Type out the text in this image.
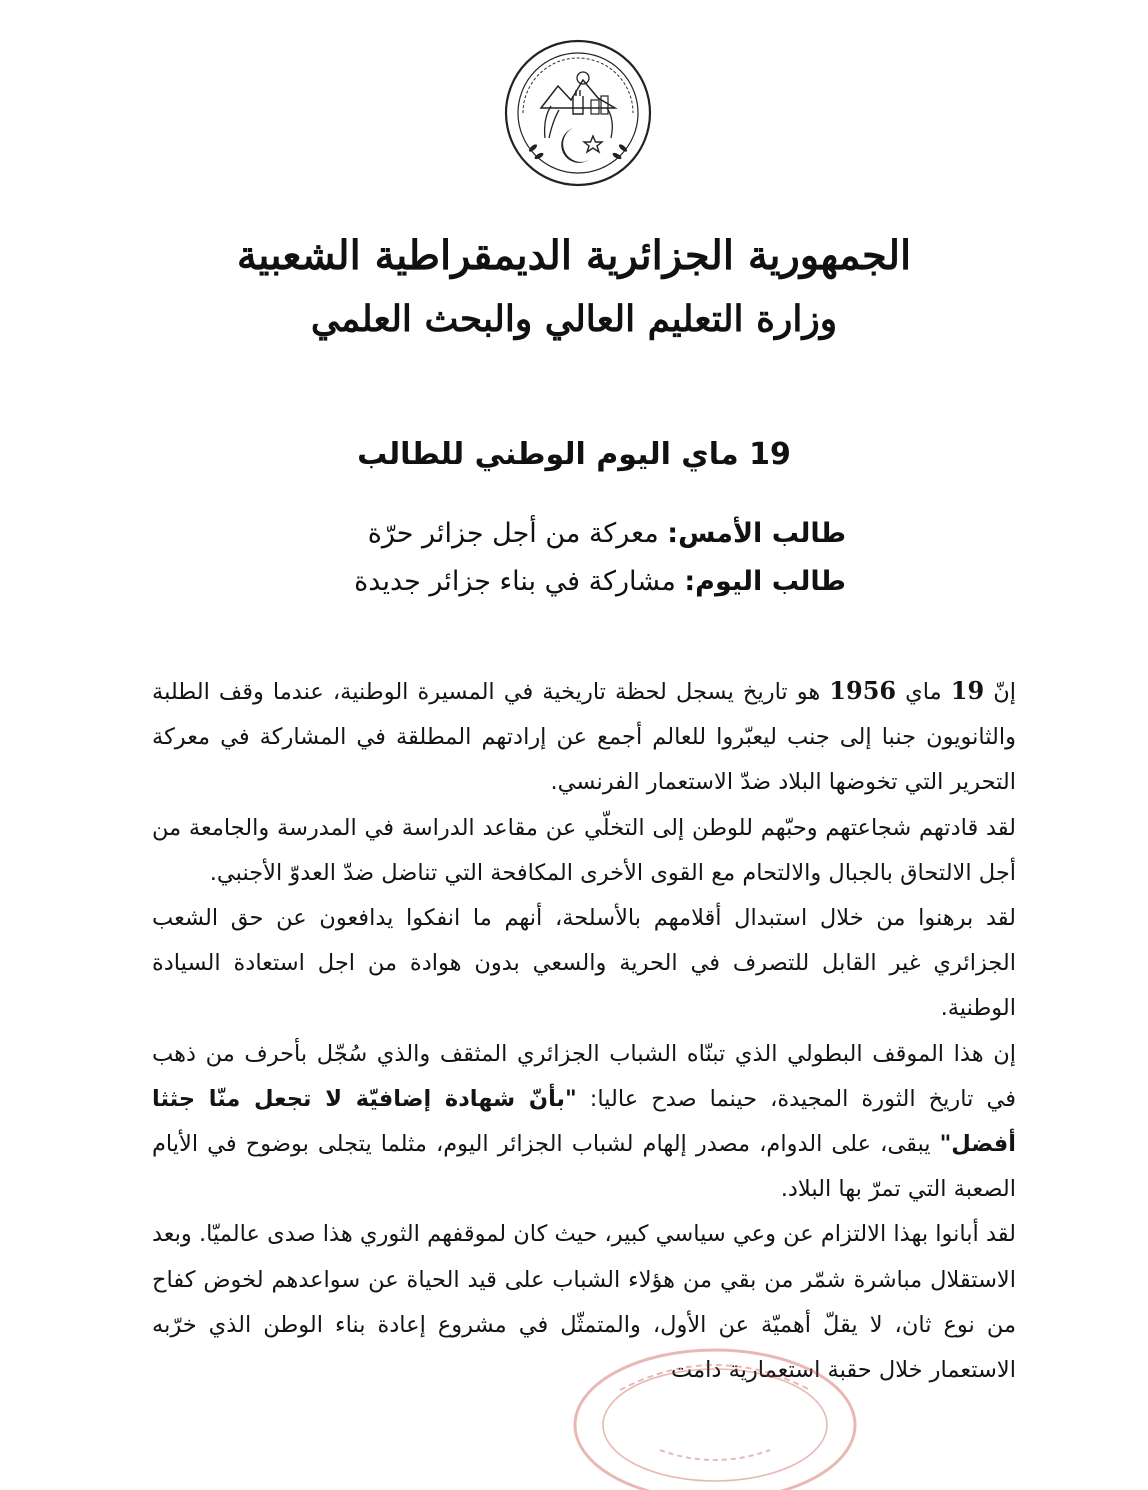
الجمهورية الجزائرية الديمقراطية الشعبية
وزارة التعليم العالي والبحث العلمي
19 ماي اليوم الوطني للطالب
طالب الأمس: معركة من أجل جزائر حرّة
طالب اليوم: مشاركة في بناء جزائر جديدة

إنّ 19 ماي 1956 هو تاريخ يسجل لحظة تاريخية في المسيرة الوطنية، عندما وقف الطلبة والثانويون جنبا إلى جنب ليعبّروا للعالم أجمع عن إرادتهم المطلقة في المشاركة في معركة التحرير التي تخوضها البلاد ضدّ الاستعمار الفرنسي.

لقد قادتهم شجاعتهم وحبّهم للوطن إلى التخلّي عن مقاعد الدراسة في المدرسة والجامعة من أجل الالتحاق بالجبال والالتحام مع القوى الأخرى المكافحة التي تناضل ضدّ العدوّ الأجنبي.

لقد برهنوا من خلال استبدال أقلامهم بالأسلحة، أنهم ما انفكوا يدافعون عن حق الشعب الجزائري غير القابل للتصرف في الحرية والسعي بدون هوادة من اجل استعادة السيادة الوطنية.

إن هذا الموقف البطولي الذي تبنّاه الشباب الجزائري المثقف والذي سُجّل بأحرف من ذهب في تاريخ الثورة المجيدة، حينما صدح عاليا: "بأنّ شهادة إضافيّة لا تجعل منّا جثثا أفضل" يبقى، على الدوام، مصدر إلهام لشباب الجزائر اليوم، مثلما يتجلى بوضوح في الأيام الصعبة التي تمرّ بها البلاد.

لقد أبانوا بهذا الالتزام عن وعي سياسي كبير، حيث كان لموقفهم الثوري هذا صدى عالميّا. وبعد الاستقلال مباشرة شمّر من بقي من هؤلاء الشباب على قيد الحياة عن سواعدهم لخوض كفاح من نوع ثان، لا يقلّ أهميّة عن الأول، والمتمثّل في مشروع إعادة بناء الوطن الذي خرّبه الاستعمار خلال حقبة استعمارية دامت
